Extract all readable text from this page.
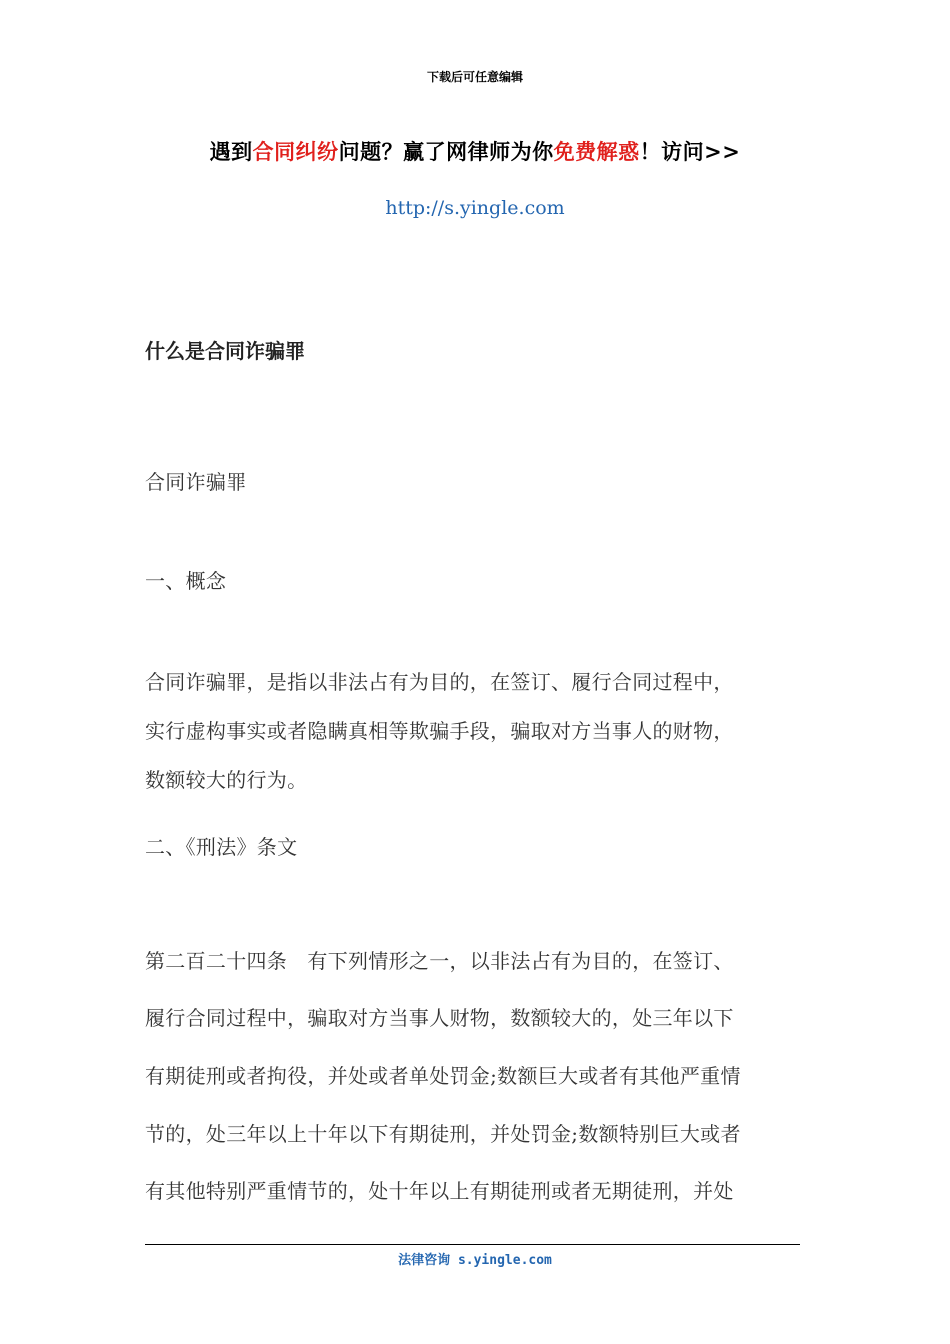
下载后可任意编辑

遇到合同纠纷问题？赢了网律师为你免费解惑！访问>>

http://s.yingle.com

什么是合同诈骗罪

合同诈骗罪

一、概念

合同诈骗罪，是指以非法占有为目的，在签订、履行合同过程中，

实行虚构事实或者隐瞒真相等欺骗手段，骗取对方当事人的财物，

数额较大的行为。

二、《刑法》条文

第二百二十四条　有下列情形之一，以非法占有为目的，在签订、

履行合同过程中，骗取对方当事人财物，数额较大的，处三年以下

有期徒刑或者拘役，并处或者单处罚金;数额巨大或者有其他严重情

节的，处三年以上十年以下有期徒刑，并处罚金;数额特别巨大或者

有其他特别严重情节的，处十年以上有期徒刑或者无期徒刑，并处

法律咨询 s.yingle.com
